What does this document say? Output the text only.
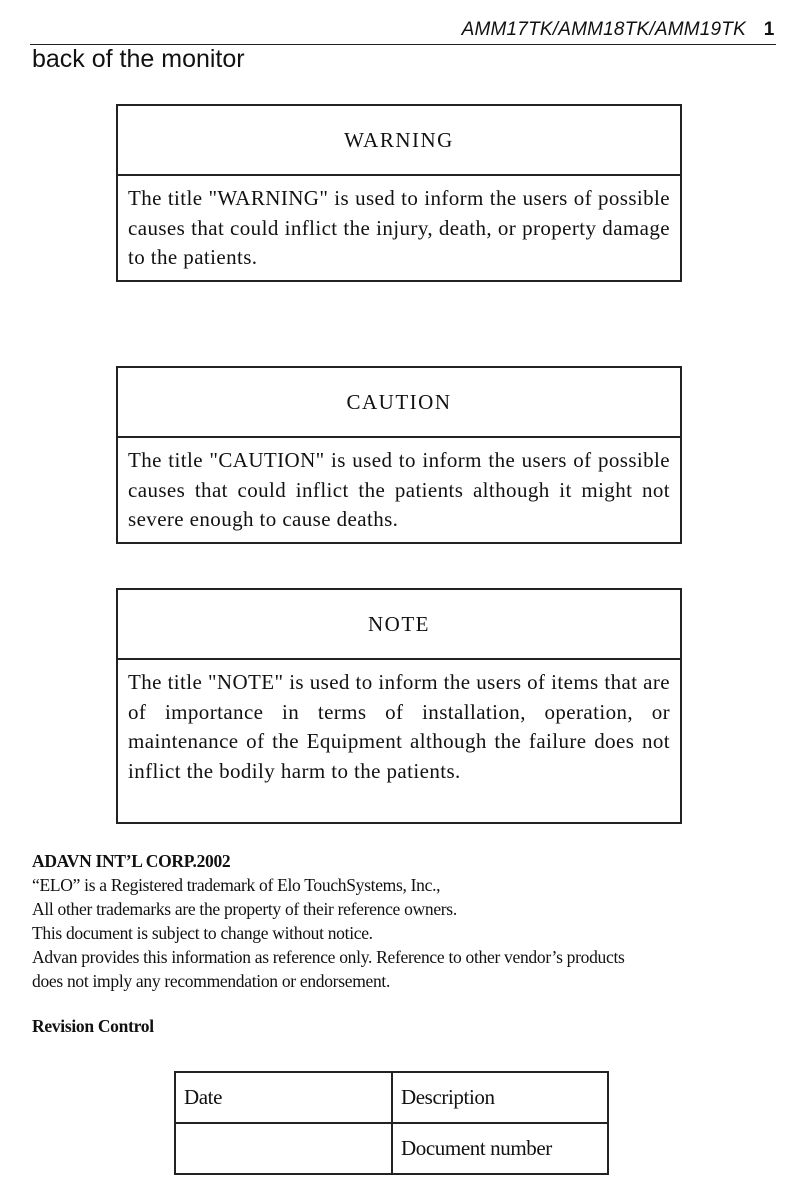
AMM17TK/AMM18TK/AMM19TK 1
back of the monitor
WARNING
The title "WARNING" is used to inform the users of possible causes that could inflict the injury, death, or property damage to the patients.
CAUTION
The title "CAUTION" is used to inform the users of possible causes that could inflict the patients although it might not severe enough to cause deaths.
NOTE
The title "NOTE" is used to inform the users of items that are of importance in terms of installation, operation, or maintenance of the Equipment although the failure does not inflict the bodily harm to the patients.
ADAVN INT’L CORP.2002
“ELO” is a Registered trademark of Elo TouchSystems, Inc.,
All other trademarks are the property of their reference owners.
This document is subject to change without notice.
Advan provides this information as reference only. Reference to other vendor’s products
does not imply any recommendation or endorsement.
Revision Control
Date	Description
	Document number
